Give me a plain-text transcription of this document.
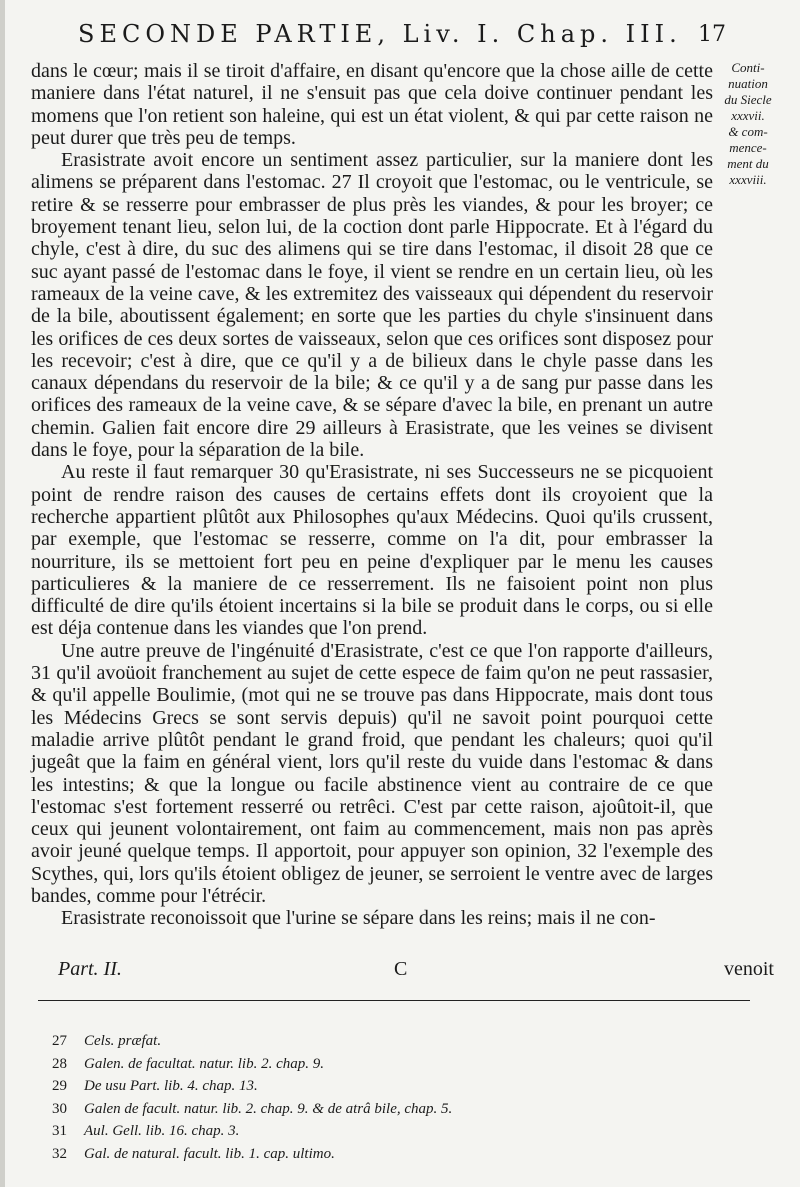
SECONDE PARTIE, Liv. I. Chap. III. 17
Conti-
nuation
du Siecle
xxxvii.
& com-
mence-
ment du
xxxviii.

dans le cœur; mais il se tiroit d'affaire, en disant qu'encore que la chose aille de cette maniere dans l'état naturel, il ne s'ensuit pas que cela doive continuer pendant les momens que l'on retient son haleine, qui est un état violent, & qui par cette raison ne peut durer que très peu de temps.

Erasistrate avoit encore un sentiment assez particulier, sur la maniere dont les alimens se préparent dans l'estomac. 27 Il croyoit que l'estomac, ou le ventricule, se retire & se resserre pour embrasser de plus près les viandes, & pour les broyer; ce broyement tenant lieu, selon lui, de la coction dont parle Hippocrate. Et à l'égard du chyle, c'est à dire, du suc des alimens qui se tire dans l'estomac, il disoit 28 que ce suc ayant passé de l'estomac dans le foye, il vient se rendre en un certain lieu, où les rameaux de la veine cave, & les extremitez des vaisseaux qui dépendent du reservoir de la bile, aboutissent également; en sorte que les parties du chyle s'insinuent dans les orifices de ces deux sortes de vaisseaux, selon que ces orifices sont disposez pour les recevoir; c'est à dire, que ce qu'il y a de bilieux dans le chyle passe dans les canaux dépendans du reservoir de la bile; & ce qu'il y a de sang pur passe dans les orifices des rameaux de la veine cave, & se sépare d'avec la bile, en prenant un autre chemin. Galien fait encore dire 29 ailleurs à Erasistrate, que les veines se divisent dans le foye, pour la séparation de la bile.

Au reste il faut remarquer 30 qu'Erasistrate, ni ses Successeurs ne se picquoient point de rendre raison des causes de certains effets dont ils croyoient que la recherche appartient plûtôt aux Philosophes qu'aux Médecins. Quoi qu'ils crussent, par exemple, que l'estomac se resserre, comme on l'a dit, pour embrasser la nourriture, ils se mettoient fort peu en peine d'expliquer par le menu les causes particulieres & la maniere de ce resserrement. Ils ne faisoient point non plus difficulté de dire qu'ils étoient incertains si la bile se produit dans le corps, ou si elle est déja contenue dans les viandes que l'on prend.

Une autre preuve de l'ingénuité d'Erasistrate, c'est ce que l'on rapporte d'ailleurs, 31 qu'il avoüoit franchement au sujet de cette espece de faim qu'on ne peut rassasier, & qu'il appelle Boulimie, (mot qui ne se trouve pas dans Hippocrate, mais dont tous les Médecins Grecs se sont servis depuis) qu'il ne savoit point pourquoi cette maladie arrive plûtôt pendant le grand froid, que pendant les chaleurs; quoi qu'il jugeât que la faim en général vient, lors qu'il reste du vuide dans l'estomac & dans les intestins; & que la longue ou facile abstinence vient au contraire de ce que l'estomac s'est fortement resserré ou retrêci. C'est par cette raison, ajoûtoit-il, que ceux qui jeunent volontairement, ont faim au commencement, mais non pas après avoir jeuné quelque temps. Il apportoit, pour appuyer son opinion, 32 l'exemple des Scythes, qui, lors qu'ils étoient obligez de jeuner, se serroient le ventre avec de larges bandes, comme pour l'étrécir.

Erasistrate reconoissoit que l'urine se sépare dans les reins; mais il ne con-

Part. II.	C	venoit
27 Cels. præfat.
28 Galen. de facultat. natur. lib. 2. chap. 9.
29 De usu Part. lib. 4. chap. 13.
30 Galen de facult. natur. lib. 2. chap. 9. & de atrâ bile, chap. 5.
31 Aul. Gell. lib. 16. chap. 3.
32 Gal. de natural. facult. lib. 1. cap. ultimo.
